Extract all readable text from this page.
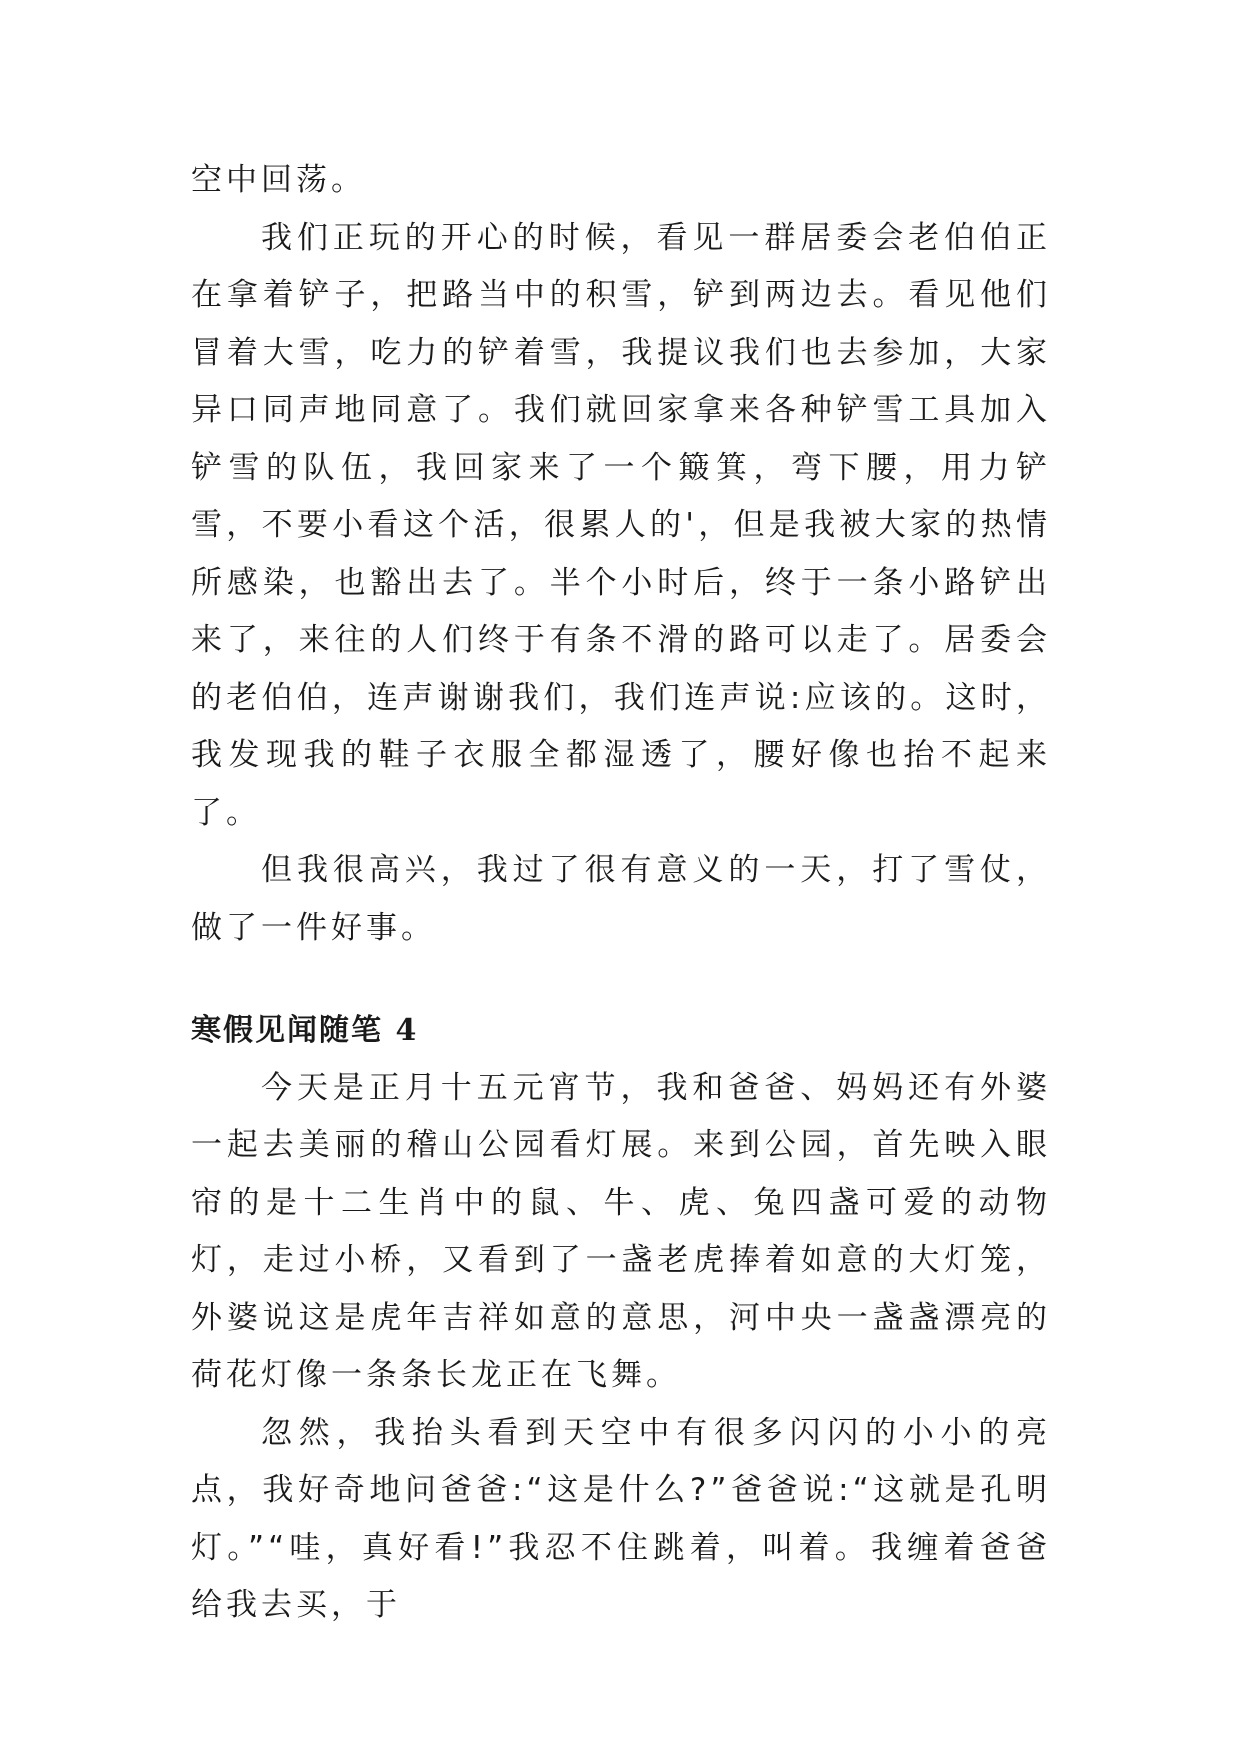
空中回荡。

我们正玩的开心的时候，看见一群居委会老伯伯正在拿着铲子，把路当中的积雪，铲到两边去。看见他们冒着大雪，吃力的铲着雪，我提议我们也去参加，大家异口同声地同意了。我们就回家拿来各种铲雪工具加入铲雪的队伍，我回家来了一个簸箕，弯下腰，用力铲雪，不要小看这个活，很累人的'，但是我被大家的热情所感染，也豁出去了。半个小时后，终于一条小路铲出来了，来往的人们终于有条不滑的路可以走了。居委会的老伯伯，连声谢谢我们，我们连声说:应该的。这时，我发现我的鞋子衣服全都湿透了，腰好像也抬不起来了。

但我很高兴，我过了很有意义的一天，打了雪仗，做了一件好事。

寒假见闻随笔 4

今天是正月十五元宵节，我和爸爸、妈妈还有外婆一起去美丽的稽山公园看灯展。来到公园，首先映入眼帘的是十二生肖中的鼠、牛、虎、兔四盏可爱的动物灯，走过小桥，又看到了一盏老虎捧着如意的大灯笼，外婆说这是虎年吉祥如意的意思，河中央一盏盏漂亮的荷花灯像一条条长龙正在飞舞。

忽然，我抬头看到天空中有很多闪闪的小小的亮点，我好奇地问爸爸:“这是什么?”爸爸说:“这就是孔明灯。”“哇，真好看!”我忍不住跳着，叫着。我缠着爸爸给我去买，于
